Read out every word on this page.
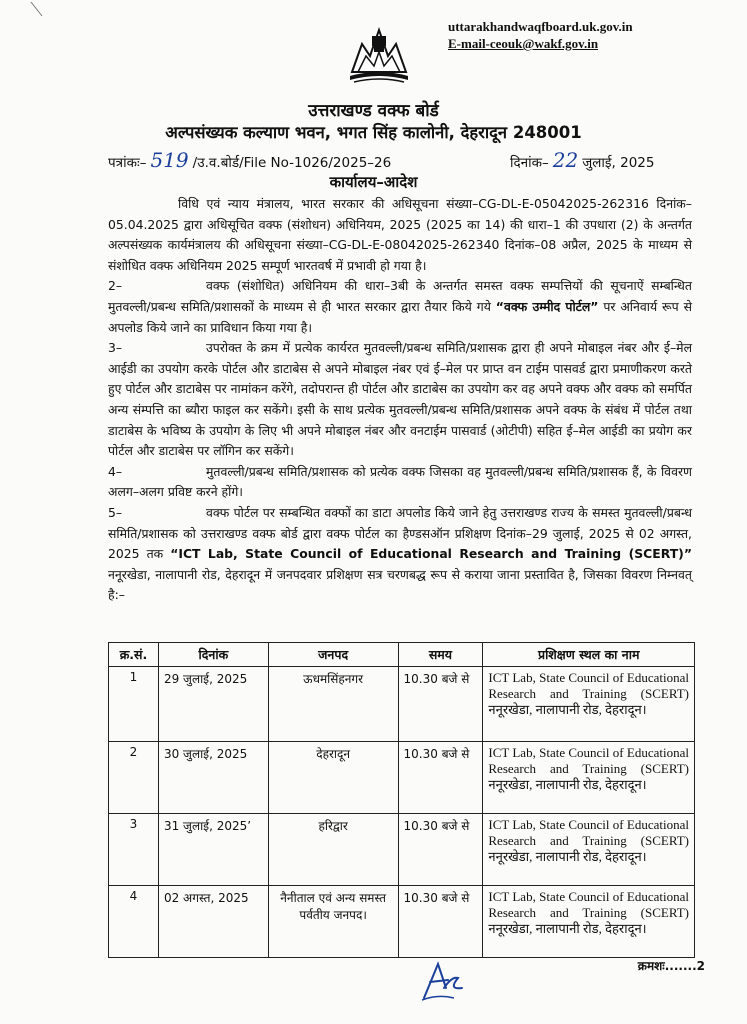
uttarakhandwaqfboard.uk.gov.in
E-mail-ceouk@wakf.gov.in
उत्तराखण्ड वक्फ बोर्ड
अल्पसंख्यक कल्याण भवन, भगत सिंह कालोनी, देहरादून 248001
पत्रांकः– 519 /उ.व.बोर्ड/File No-1026/2025–26	दिनांक– 22 जुलाई, 2025
कार्यालय–आदेश

विधि एवं न्याय मंत्रालय, भारत सरकार की अधिसूचना संख्या–CG-DL-E-05042025-262316 दिनांक–05.04.2025 द्वारा अधिसूचित वक्फ (संशोधन) अधिनियम, 2025 (2025 का 14) की धारा–1 की उपधारा (2) के अन्तर्गत अल्पसंख्यक कार्यमंत्रालय की अधिसूचना संख्या–CG-DL-E-08042025-262340 दिनांक–08 अप्रैल, 2025 के माध्यम से संशोधित वक्फ अधिनियम 2025 सम्पूर्ण भारतवर्ष में प्रभावी हो गया है।

2–	वक्फ (संशोधित) अधिनियम की धारा–3बी के अन्तर्गत समस्त वक्फ सम्पत्तियों की सूचनाऐं सम्बन्धित मुतवल्ली/प्रबन्ध समिति/प्रशासकों के माध्यम से ही भारत सरकार द्वारा तैयार किये गये “वक्फ उम्मीद पोर्टल” पर अनिवार्य रूप से अपलोड किये जाने का प्राविधान किया गया है।

3–	उपरोक्त के क्रम में प्रत्येक कार्यरत मुतवल्ली/प्रबन्ध समिति/प्रशासक द्वारा ही अपने मोबाइल नंबर और ई–मेल आईडी का उपयोग करके पोर्टल और डाटाबेस से अपने मोबाइल नंबर एवं ई–मेल पर प्राप्त वन टाईम पासवर्ड द्वारा प्रमाणीकरण करते हुए पोर्टल और डाटाबेस पर नामांकन करेंगे, तदोपरान्त ही पोर्टल और डाटाबेस का उपयोग कर वह अपने वक्फ और वक्फ को समर्पित अन्य संम्पत्ति का ब्यौरा फाइल कर सकेंगे। इसी के साथ प्रत्येक मुतवल्ली/प्रबन्ध समिति/प्रशासक अपने वक्फ के संबंध में पोर्टल तथा डाटाबेस के भविष्य के उपयोग के लिए भी अपने मोबाइल नंबर और वनटाईम पासवार्ड (ओटीपी) सहित ई–मेल आईडी का प्रयोग कर पोर्टल और डाटाबेस पर लॉगिन कर सकेंगे।

4–	मुतवल्ली/प्रबन्ध समिति/प्रशासक को प्रत्येक वक्फ जिसका वह मुतवल्ली/प्रबन्ध समिति/प्रशासक हैं, के विवरण अलग–अलग प्रविष्ट करने होंगे।

5–	वक्फ पोर्टल पर सम्बन्धित वक्फों का डाटा अपलोड किये जाने हेतु उत्तराखण्ड राज्य के समस्त मुतवल्ली/प्रबन्ध समिति/प्रशासक को उत्तराखण्ड वक्फ बोर्ड द्वारा वक्फ पोर्टल का हैण्डसऑन प्रशिक्षण दिनांक–29 जुलाई, 2025 से 02 अगस्त, 2025 तक “ICT Lab, State Council of Educational Research and Training (SCERT)” ननूरखेडा, नालापानी रोड, देहरादून में जनपदवार प्रशिक्षण सत्र चरणबद्ध रूप से कराया जाना प्रस्तावित है, जिसका विवरण निम्नवत् है:–

क्र.सं.	दिनांक	जनपद	समय	प्रशिक्षण स्थल का नाम
1	29 जुलाई, 2025	ऊधमसिंहनगर	10.30 बजे से	ICT Lab, State Council of Educational Research and Training (SCERT) ननूरखेडा, नालापानी रोड, देहरादून।
2	30 जुलाई, 2025	देहरादून	10.30 बजे से	ICT Lab, State Council of Educational Research and Training (SCERT) ननूरखेडा, नालापानी रोड, देहरादून।
3	31 जुलाई, 2025’	हरिद्वार	10.30 बजे से	ICT Lab, State Council of Educational Research and Training (SCERT) ननूरखेडा, नालापानी रोड, देहरादून।
4	02 अगस्त, 2025	नैनीताल एवं अन्य समस्त पर्वतीय जनपद।	10.30 बजे से	ICT Lab, State Council of Educational Research and Training (SCERT) ननूरखेडा, नालापानी रोड, देहरादून।
क्रमशः.......2
